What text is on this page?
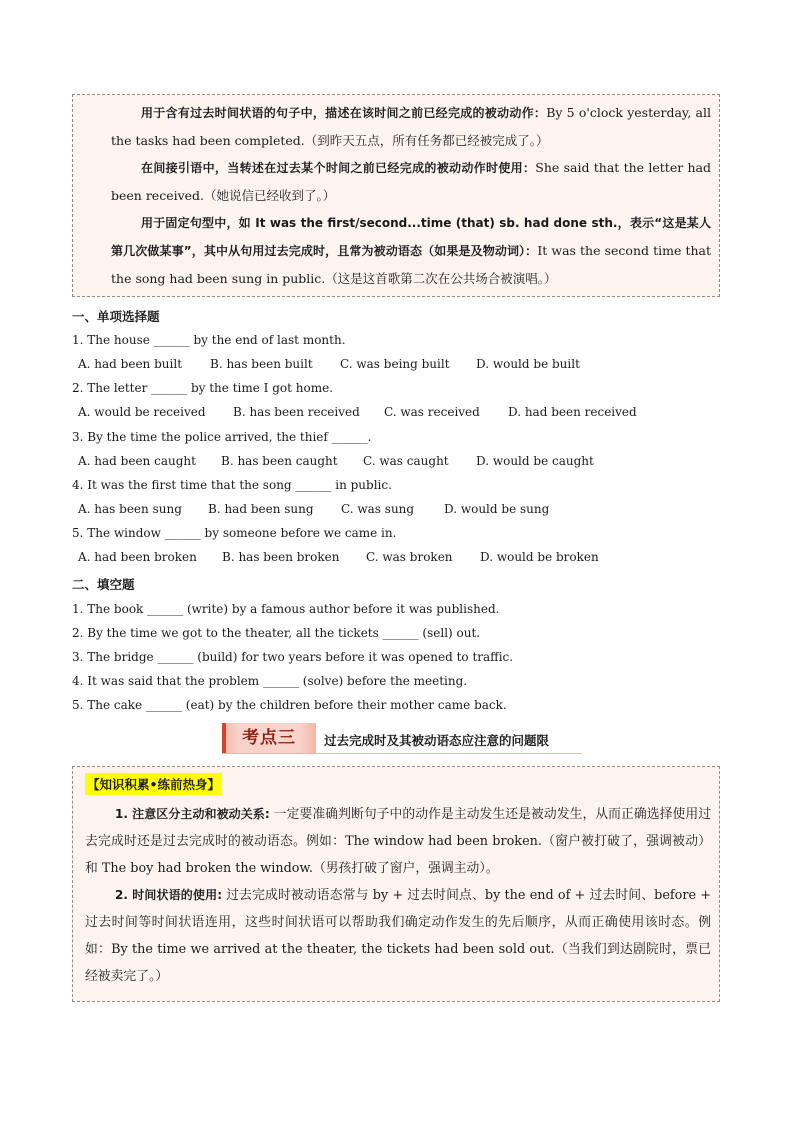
用于含有过去时间状语的句子中，描述在该时间之前已经完成的被动动作：By 5 o'clock yesterday, all the tasks had been completed.（到昨天五点，所有任务都已经被完成了。）

在间接引语中，当转述在过去某个时间之前已经完成的被动动作时使用：She said that the letter had been received.（她说信已经收到了。）

用于固定句型中，如 It was the first/second...time (that) sb. had done sth.，表示“这是某人第几次做某事”，其中从句用过去完成时，且常为被动语态（如果是及物动词）：It was the second time that the song had been sung in public.（这是这首歌第二次在公共场合被演唱。）

一、单项选择题
1. The house ______ by the end of last month.
A. had been built B. has been built C. was being built D. would be built
2. The letter ______ by the time I got home.
A. would be received B. has been received C. was received D. had been received
3. By the time the police arrived, the thief ______.
A. had been caught B. has been caught C. was caught D. would be caught
4. It was the first time that the song ______ in public.
A. has been sung B. had been sung C. was sung D. would be sung
5. The window ______ by someone before we came in.
A. had been broken B. has been broken C. was broken D. would be broken
二、填空题
1. The book ______ (write) by a famous author before it was published.
2. By the time we got to the theater, all the tickets ______ (sell) out.
3. The bridge ______ (build) for two years before it was opened to traffic.
4. It was said that the problem ______ (solve) before the meeting.
5. The cake ______ (eat) by the children before their mother came back.
考点三	过去完成时及其被动语态应注意的问题限
【知识积累•练前热身】

1. 注意区分主动和被动关系: 一定要准确判断句子中的动作是主动发生还是被动发生，从而正确选择使用过去完成时还是过去完成时的被动语态。例如：The window had been broken.（窗户被打破了，强调被动）和 The boy had broken the window.（男孩打破了窗户，强调主动）。

2. 时间状语的使用: 过去完成时被动语态常与 by + 过去时间点、by the end of + 过去时间、before + 过去时间等时间状语连用，这些时间状语可以帮助我们确定动作发生的先后顺序，从而正确使用该时态。例如：By the time we arrived at the theater, the tickets had been sold out.（当我们到达剧院时，票已经被卖完了。）
